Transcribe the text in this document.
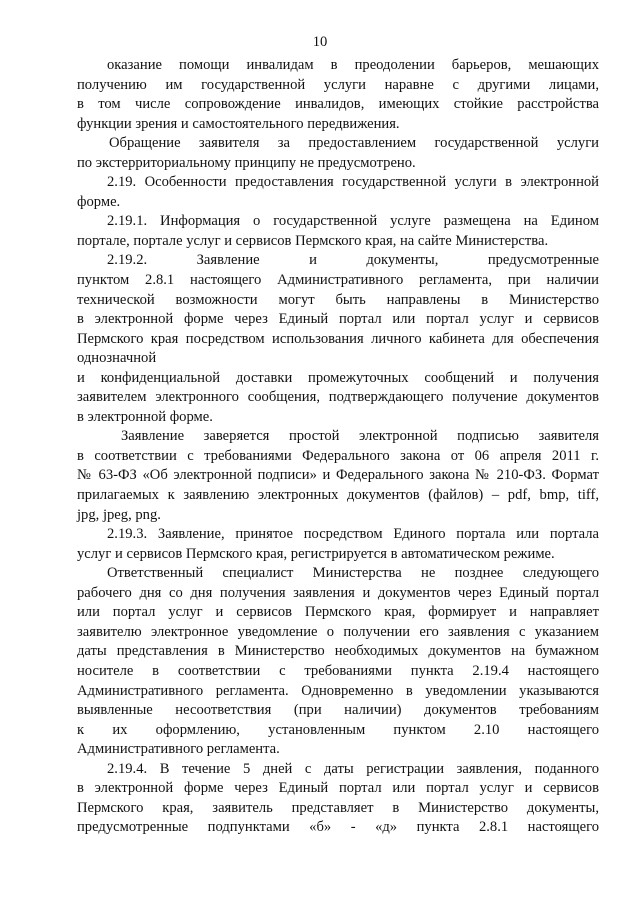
10
оказание помощи инвалидам в преодолении барьеров, мешающих
получению им государственной услуги наравне с другими лицами,
в том числе сопровождение инвалидов, имеющих стойкие расстройства
функции зрения и самостоятельного передвижения.
Обращение заявителя за предоставлением государственной услуги
по экстерриториальному принципу не предусмотрено.
2.19. Особенности предоставления государственной услуги в электронной
форме.
2.19.1. Информация о государственной услуге размещена на Едином
портале, портале услуг и сервисов Пермского края, на сайте Министерства.
2.19.2. Заявление и документы, предусмотренные
пунктом 2.8.1 настоящего Административного регламента, при наличии
технической возможности могут быть направлены в Министерство
в электронной форме через Единый портал или портал услуг и сервисов
Пермского края посредством использования личного кабинета для обеспечения
однозначной
и конфиденциальной доставки промежуточных сообщений и получения
заявителем электронного сообщения, подтверждающего получение документов
в электронной форме.
Заявление заверяется простой электронной подписью заявителя
в соответствии с требованиями Федерального закона от 06 апреля 2011 г.
№ 63-ФЗ «Об электронной подписи» и Федерального закона № 210-ФЗ. Формат
прилагаемых к заявлению электронных документов (файлов) – pdf, bmp, tiff,
jpg, jpeg, png.
2.19.3. Заявление, принятое посредством Единого портала или портала
услуг и сервисов Пермского края, регистрируется в автоматическом режиме.
Ответственный специалист Министерства не позднее следующего
рабочего дня со дня получения заявления и документов через Единый портал
или портал услуг и сервисов Пермского края, формирует и направляет
заявителю электронное уведомление о получении его заявления с указанием
даты представления в Министерство необходимых документов на бумажном
носителе в соответствии с требованиями пункта 2.19.4 настоящего
Административного регламента. Одновременно в уведомлении указываются
выявленные несоответствия (при наличии) документов требованиям
к их оформлению, установленным пунктом 2.10 настоящего
Административного регламента.
2.19.4. В течение 5 дней с даты регистрации заявления, поданного
в электронной форме через Единый портал или портал услуг и сервисов
Пермского края, заявитель представляет в Министерство документы,
предусмотренные подпунктами «б» - «д» пункта 2.8.1 настоящего
